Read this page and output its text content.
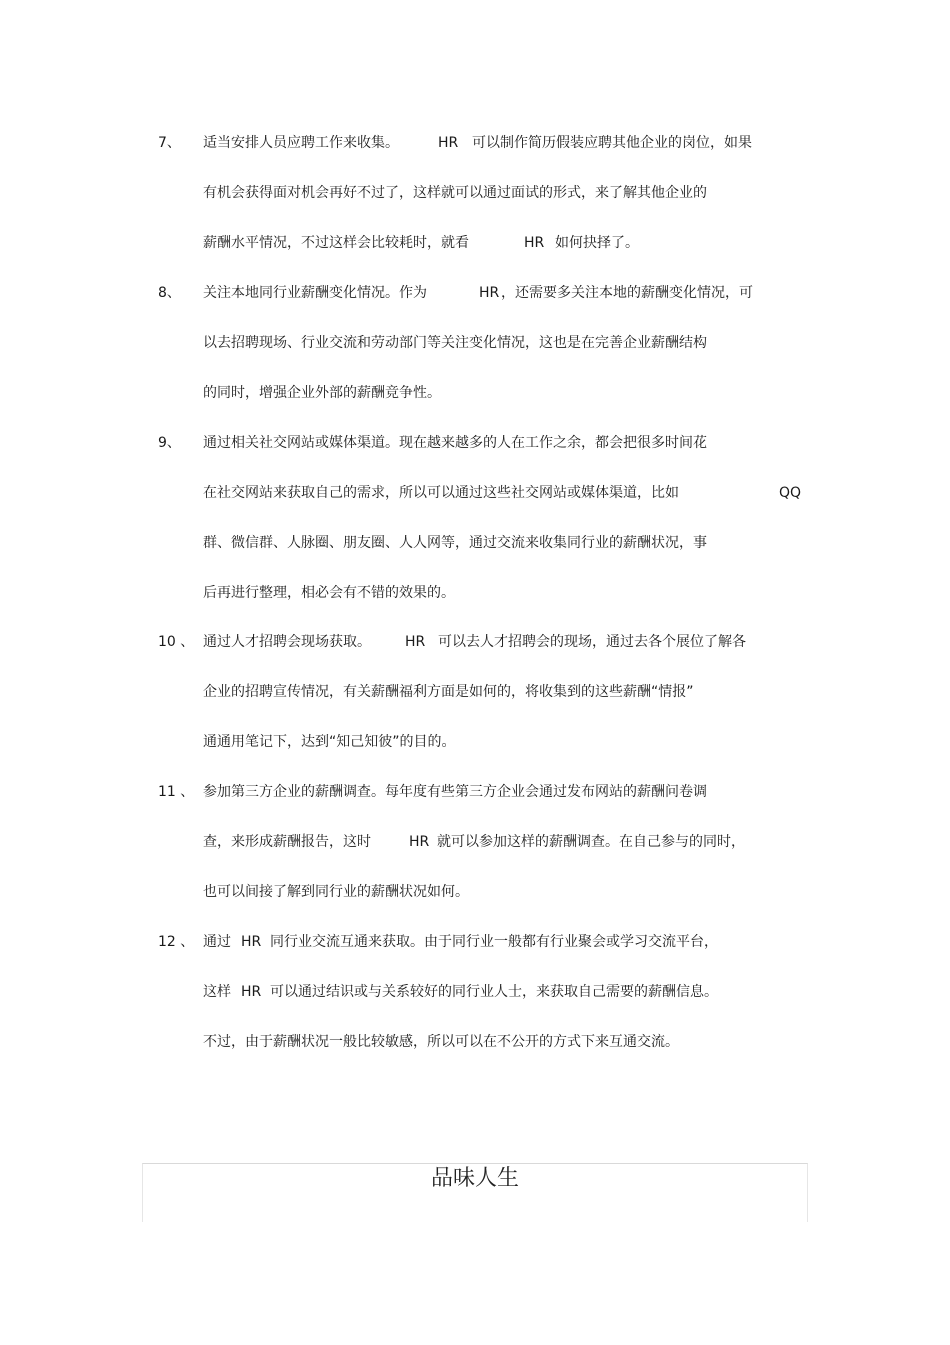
7、 适当安排人员应聘工作来收集。	HR 可以制作简历假装应聘其他企业的岗位，如果
有机会获得面对机会再好不过了，这样就可以通过面试的形式，来了解其他企业的
薪酬水平情况，不过这样会比较耗时，就看	HR 如何抉择了。
8、 关注本地同行业薪酬变化情况。作为	HR ，还需要多关注本地的薪酬变化情况，可
以去招聘现场、行业交流和劳动部门等关注变化情况，这也是在完善企业薪酬结构
的同时，增强企业外部的薪酬竞争性。
9、 通过相关社交网站或媒体渠道。现在越来越多的人在工作之余，都会把很多时间花
在社交网站来获取自己的需求，所以可以通过这些社交网站或媒体渠道，比如	QQ
群、微信群、人脉圈、朋友圈、人人网等，通过交流来收集同行业的薪酬状况，事
后再进行整理，相必会有不错的效果的。
10 、 通过人才招聘会现场获取。 HR 可以去人才招聘会的现场，通过去各个展位了解各
企业的招聘宣传情况，有关薪酬福利方面是如何的，将收集到的这些薪酬“情报”
通通用笔记下，达到“知己知彼”的目的。
11 、 参加第三方企业的薪酬调查。每年度有些第三方企业会通过发布网站的薪酬问卷调
查，来形成薪酬报告，这时	HR 就可以参加这样的薪酬调查。在自己参与的同时，
也可以间接了解到同行业的薪酬状况如何。
12 、 通过 HR 同行业交流互通来获取。由于同行业一般都有行业聚会或学习交流平台，
这样 HR 可以通过结识或与关系较好的同行业人士，来获取自己需要的薪酬信息。
不过，由于薪酬状况一般比较敏感，所以可以在不公开的方式下来互通交流。
品味人生
